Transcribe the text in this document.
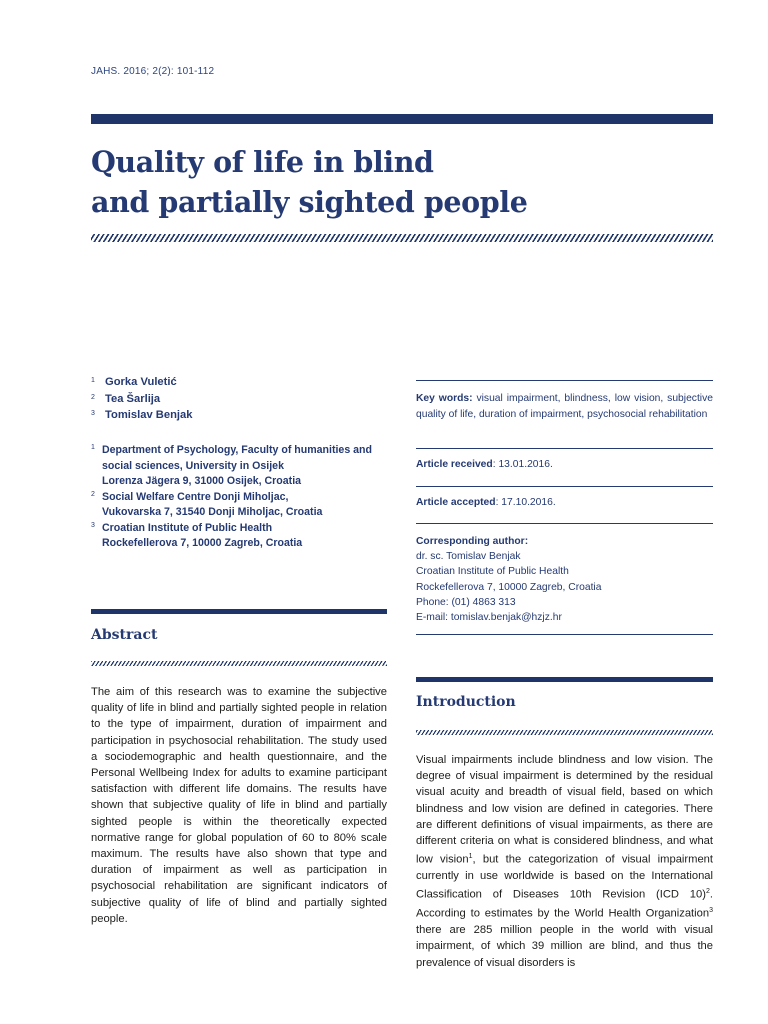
JAHS. 2016; 2(2): 101-112
Quality of life in blind
and partially sighted people
1 Gorka Vuletić
2 Tea Šarlija
3 Tomislav Benjak
1 Department of Psychology, Faculty of humanities and
social sciences, University in Osijek
Lorenza Jägera 9, 31000 Osijek, Croatia
2 Social Welfare Centre Donji Miholjac,
Vukovarska 7, 31540 Donji Miholjac, Croatia
3 Croatian Institute of Public Health
Rockefellerova 7, 10000 Zagreb, Croatia
Abstract

The aim of this research was to examine the subjective quality of life in blind and partially sighted people in relation to the type of impairment, duration of impairment and participation in psychosocial rehabilitation. The study used a sociodemographic and health questionnaire, and the Personal Wellbeing Index for adults to examine participant satisfaction with different life domains. The results have shown that subjective quality of life in blind and partially sighted people is within the theoretically expected normative range for global population of 60 to 80% scale maximum. The results have also shown that type and duration of impairment as well as participation in psychosocial rehabilitation are significant indicators of subjective quality of life of blind and partially sighted people.

Key words: visual impairment, blindness, low vision, subjective quality of life, duration of impairment, psychosocial rehabilitation
Article received: 13.01.2016.
Article accepted: 17.10.2016.
Corresponding author:
dr. sc. Tomislav Benjak
Croatian Institute of Public Health
Rockefellerova 7, 10000 Zagreb, Croatia
Phone: (01) 4863 313
E-mail: tomislav.benjak@hzjz.hr
Introduction

Visual impairments include blindness and low vision. The degree of visual impairment is determined by the residual visual acuity and breadth of visual field, based on which blindness and low vision are defined in categories. There are different definitions of visual impairments, as there are different criteria on what is considered blindness, and what low vision$^1$, but the categorization of visual impairment currently in use worldwide is based on the International Classification of Diseases 10th Revision (ICD 10)$^2$. According to estimates by the World Health Organization$^3$ there are 285 million people in the world with visual impairment, of which 39 million are blind, and thus the prevalence of visual disorders is
